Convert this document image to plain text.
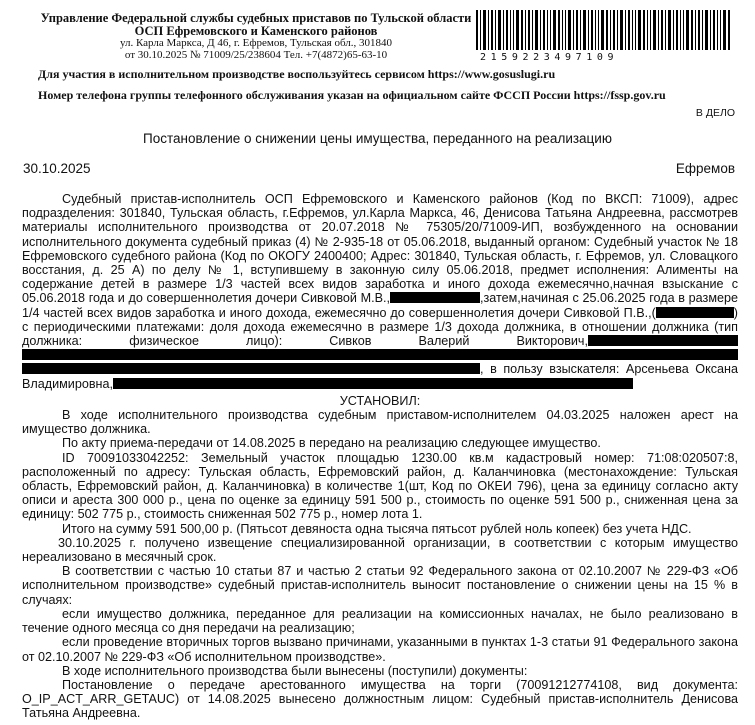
Управление Федеральной службы судебных приставов по Тульской области
ОСП Ефремовского и Каменского районов
ул. Карла Маркса, Д 46, г. Ефремов, Тульская обл., 301840
от 30.10.2025 № 71009/25/238604 Тел. +7(4872)65-63-10	2159223497109
Для участия в исполнительном производстве воспользуйтесь сервисом https://www.gosuslugi.ru
Номер телефона группы телефонного обслуживания указан на официальном сайте ФССП России https://fssp.gov.ru
В ДЕЛО
Постановление о снижении цены имущества, переданного на реализацию
30.10.2025	Ефремов

Судебный пристав-исполнитель ОСП Ефремовского и Каменского районов (Код по ВКСП: 71009), адрес подразделения: 301840, Тульская область, г.Ефремов, ул.Карла Маркса, 46, Денисова Татьяна Андреевна, рассмотрев материалы исполнительного производства от 20.07.2018 № 75305/20/71009-ИП, возбужденного на основании исполнительного документа судебный приказ (4) № 2-935-18 от 05.06.2018, выданный органом: Судебный участок № 18 Ефремовского судебного района (Код по ОКОГУ 2400400; Адрес: 301840, Тульская область, г. Ефремов, ул. Словацкого восстания, д. 25 А) по делу № 1, вступившему в законную силу 05.06.2018, предмет исполнения: Алименты на содержание детей в размере 1/3 частей всех видов заработка и иного дохода ежемесячно,начная взыскание с 05.06.2018 года и до совершеннолетия дочери Сивковой М.В.,	,затем,начиная с 25.06.2025 года в размере 1/4 частей всех видов заработка и иного дохода, ежемесячно до совершеннолетия дочери Сивковой П.В.,(	) с периодическими платежами: доля дохода ежемесячно в размере 1/3 дохода должника, в отношении должника (тип должника: физическое лицо): Сивков Валерий Викторович,, в пользу взыскателя: Арсеньева Оксана Владимировна,

УСТАНОВИЛ:

В ходе исполнительного производства судебным приставом-исполнителем 04.03.2025 наложен арест на имущество должника.

По акту приема-передачи от 14.08.2025 в передано на реализацию следующее имущество.

ID 70091033042252: Земельный участок площадью 1230.00 кв.м кадастровый номер: 71:08:020507:8, расположенный по адресу: Тульская область, Ефремовский район, д. Каланчиновка (местонахождение: Тульская область, Ефремовский район, д. Каланчиновка) в количестве 1(шт, Код по ОКЕИ 796), цена за единицу согласно акту описи и ареста 300 000 р., цена по оценке за единицу 591 500 р., стоимость по оценке 591 500 р., сниженная цена за единицу: 502 775 р., стоимость сниженная 502 775 р., номер лота 1.

Итого на сумму 591 500,00 р. (Пятьсот девяноста одна тысяча пятьсот рублей ноль копеек) без учета НДС.

30.10.2025 г. получено извещение специализированной организации, в соответствии с которым имущество нереализовано в месячный срок.

В соответствии с частью 10 статьи 87 и частью 2 статьи 92 Федерального закона от 02.10.2007 № 229-ФЗ «Об исполнительном производстве» судебный пристав-исполнитель выносит постановление о снижении цены на 15 % в случаях:

если имущество должника, переданное для реализации на комиссионных началах, не было реализовано в течение одного месяца со дня передачи на реализацию;

если проведение вторичных торгов вызвано причинами, указанными в пунктах 1-3 статьи 91 Федерального закона от 02.10.2007 № 229-ФЗ «Об исполнительном производстве».

В ходе исполнительного производства были вынесены (поступили) документы:

Постановление о передаче арестованного имущества на торги (70091212774108, вид документа: O_IP_ACT_ARR_GETAUC) от 14.08.2025 вынесено должностным лицом: Судебный пристав-исполнитель Денисова Татьяна Андреевна.
